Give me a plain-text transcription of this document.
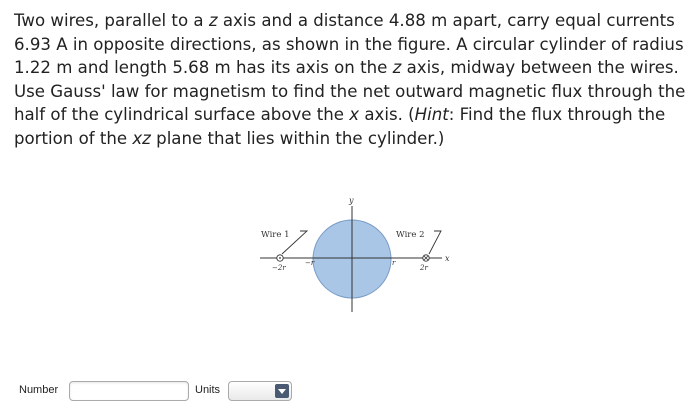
Two wires, parallel to a z axis and a distance 4.88 m apart, carry equal currents 6.93 A in opposite directions, as shown in the figure. A circular cylinder of radius 1.22 m and length 5.68 m has its axis on the z axis, midway between the wires. Use Gauss' law for magnetism to find the net outward magnetic flux through the half of the cylindrical surface above the x axis. (Hint: Find the flux through the portion of the xz plane that lies within the cylinder.)

y
x
Wire 1	Wire 2
−2r
−r	r
2r
Number	Units
